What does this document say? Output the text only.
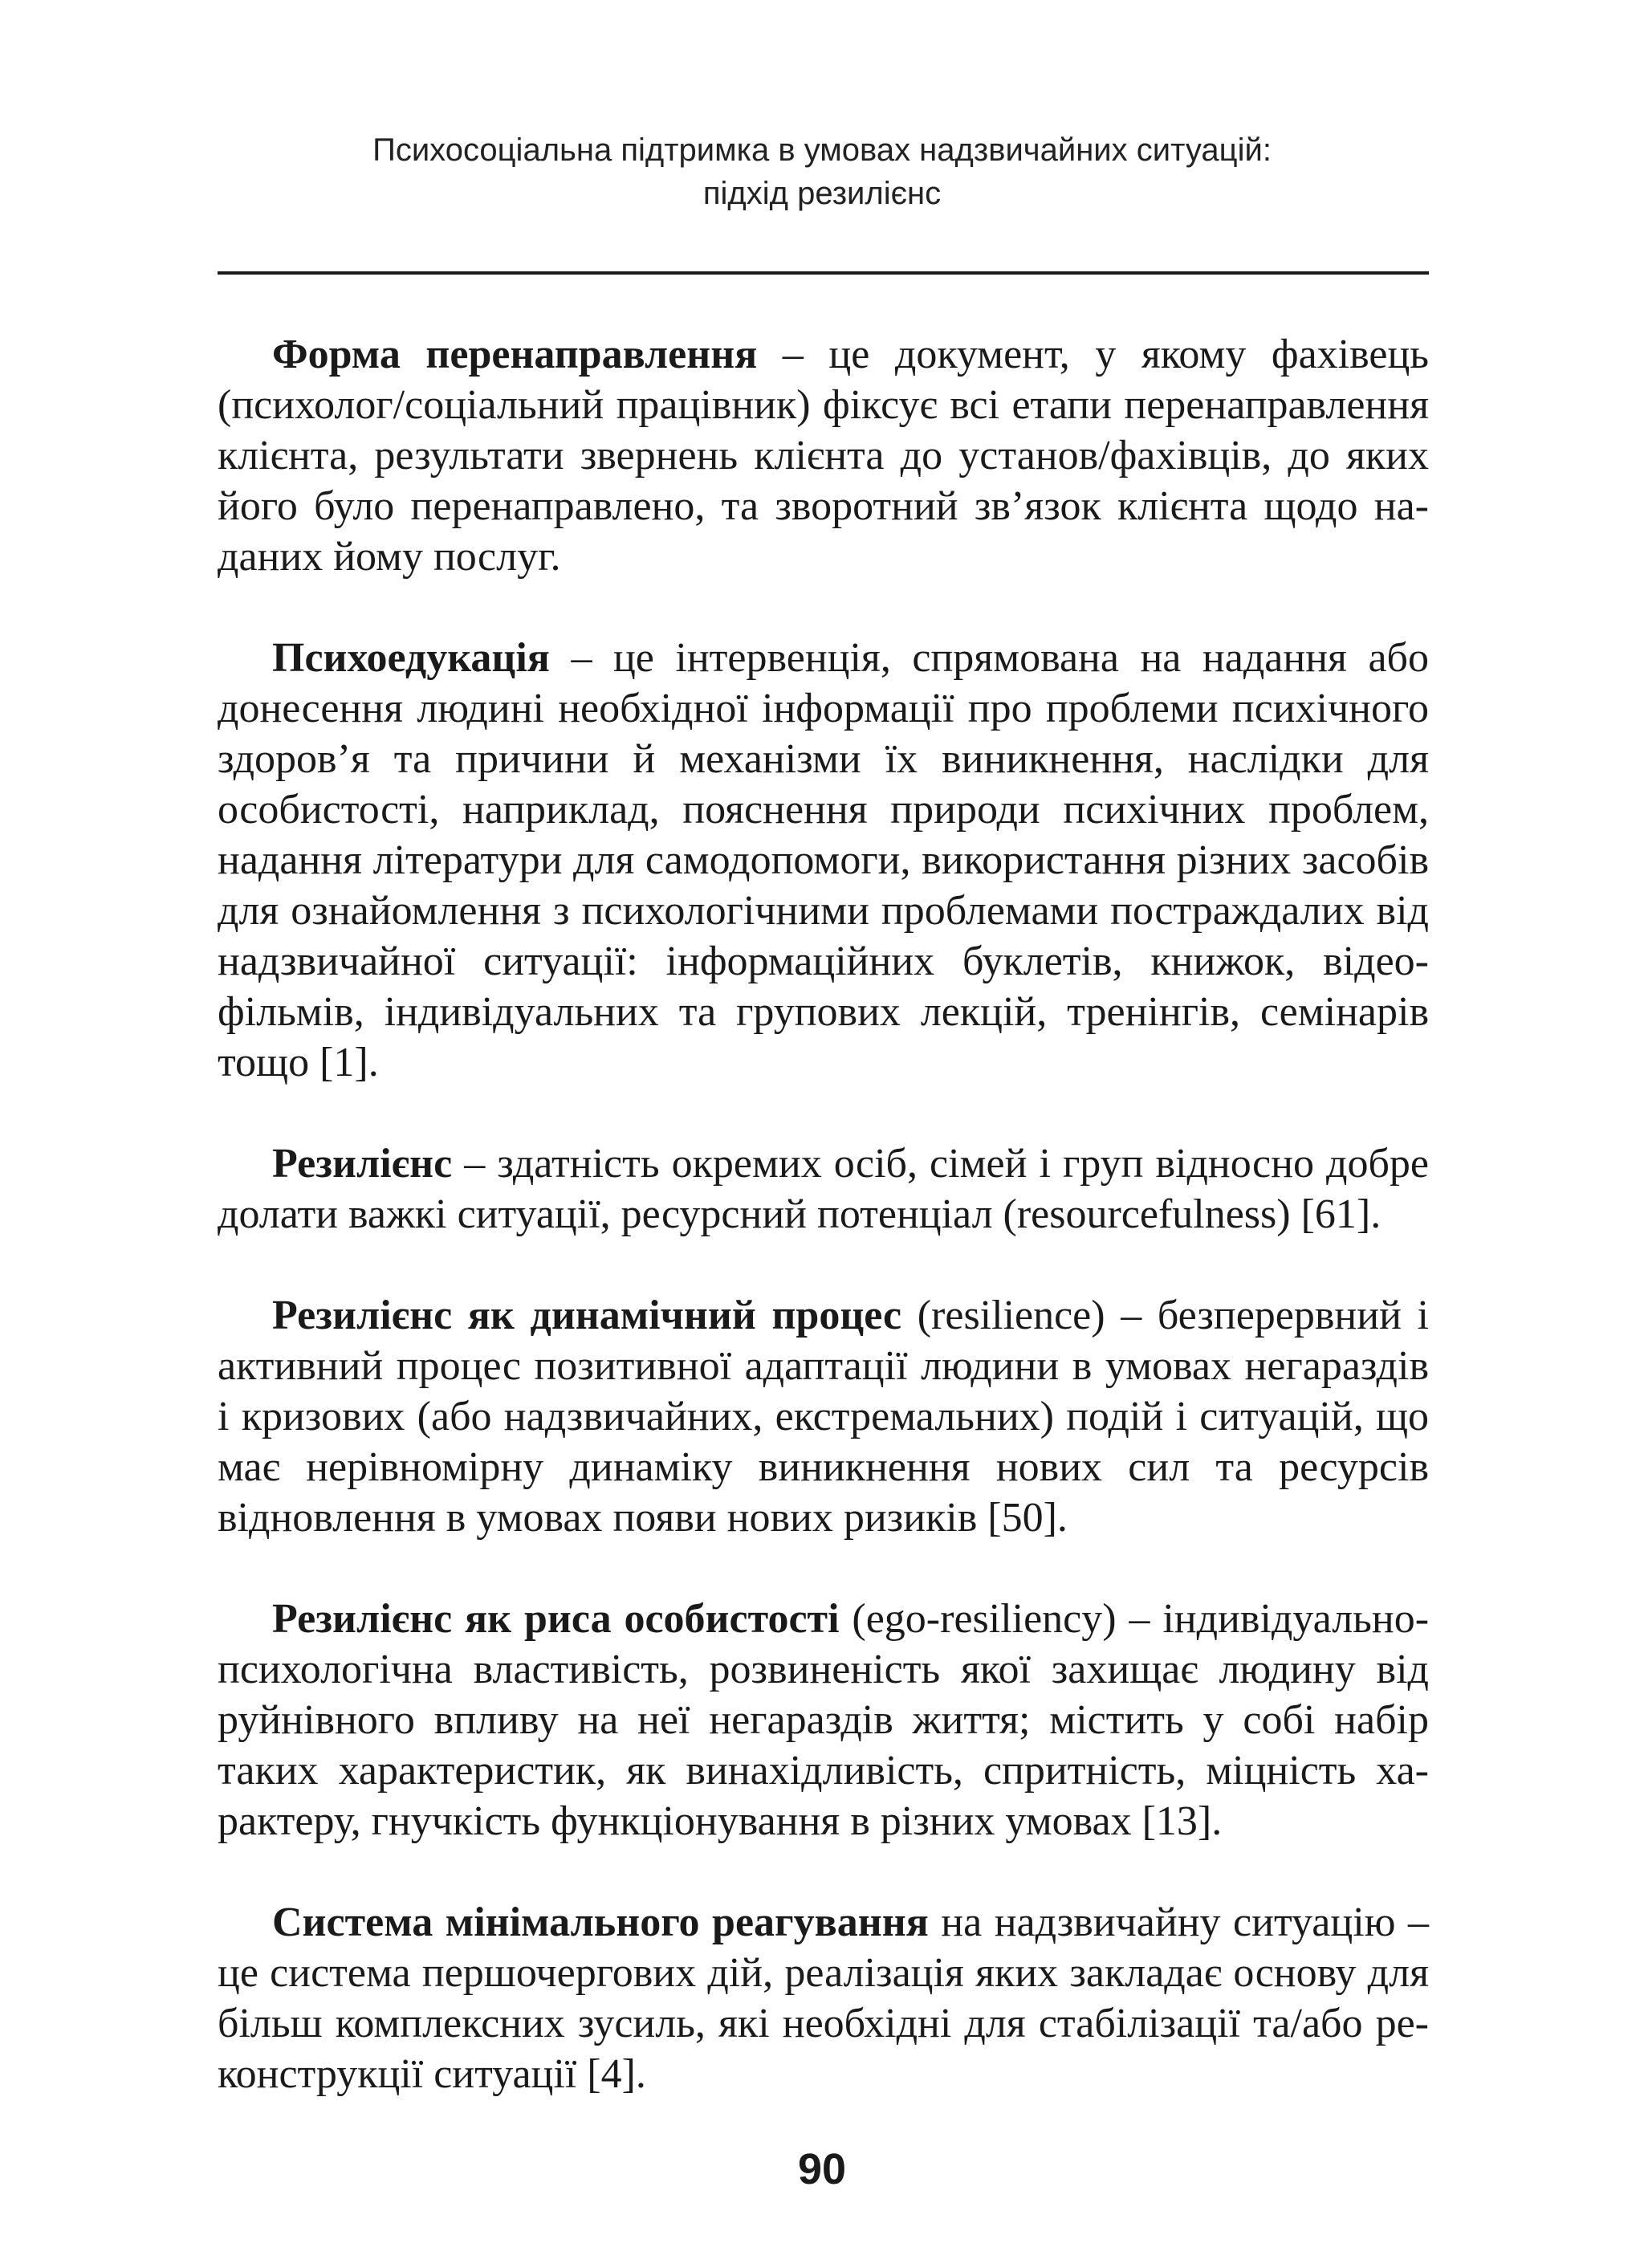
Психосоціальна підтримка в умовах надзвичайних ситуацій:
підхід резилієнс

Форма перенаправлення – це документ, у якому фахівець (психолог/соціальний працівник) фіксує всі етапи перенаправлення клієнта, результати звернень клієнта до установ/фахівців, до яких його було перенаправлено, та зворотний зв’язок клієнта щодо наданих йому послуг.

Психоедукація – це інтервенція, спрямована на надання або донесення людині необхідної інформації про проблеми психічного здоров’я та причини й механізми їх виникнення, наслідки для особистості, наприклад, пояснення природи психічних проблем, надання літератури для самодопомоги, використання різних засобів для ознайомлення з психологічними проблемами постраждалих від надзвичайної ситуації: інформаційних буклетів, книжок, відеофільмів, індивідуальних та групових лекцій, тренінгів, семінарів тощо [1].

Резилієнс – здатність окремих осіб, сімей і груп відносно добре долати важкі ситуації, ресурсний потенціал (resourcefulness) [61].

Резилієнс як динамічний процес (resilience) – безперервний і активний процес позитивної адаптації людини в умовах негараздів і кризових (або надзвичайних, екстремальних) подій і ситуацій, що має нерівномірну динаміку виникнення нових сил та ресурсів відновлення в умовах появи нових ризиків [50].

Резилієнс як риса особистості (ego-resiliency) – індивідуально-психологічна властивість, розвиненість якої захищає людину від руйнівного впливу на неї негараздів життя; містить у собі набір таких характеристик, як винахідливість, спритність, міцність характеру, гнучкість функціонування в різних умовах [13].

Система мінімального реагування на надзвичайну ситуацію – це система першочергових дій, реалізація яких закладає основу для більш комплексних зусиль, які необхідні для стабілізації та/або реконструкції ситуації [4].

90
